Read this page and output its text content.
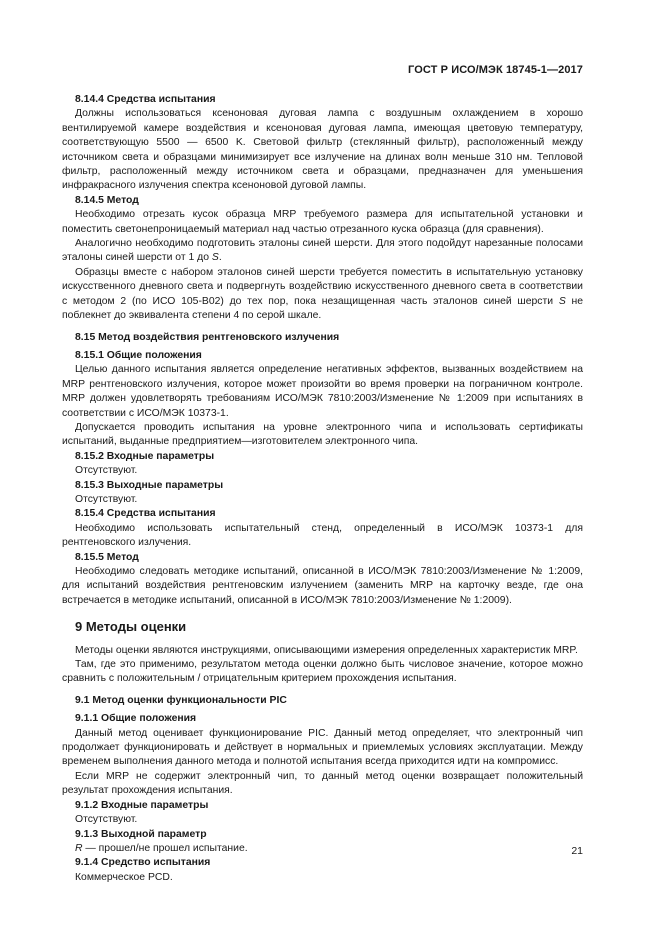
ГОСТ Р ИСО/МЭК 18745-1—2017
8.14.4 Средства испытания

Должны использоваться ксеноновая дуговая лампа с воздушным охлаждением в хорошо вентилируемой камере воздействия и ксеноновая дуговая лампа, имеющая цветовую температуру, соответствующую 5500 — 6500 K. Световой фильтр (стеклянный фильтр), расположенный между источником света и образцами минимизирует все излучение на длинах волн меньше 310 нм. Тепловой фильтр, расположенный между источником света и образцами, предназначен для уменьшения инфракрасного излучения спектра ксеноновой дуговой лампы.

8.14.5 Метод

Необходимо отрезать кусок образца MRP требуемого размера для испытательной установки и поместить светонепроницаемый материал над частью отрезанного куска образца (для сравнения).

Аналогично необходимо подготовить эталоны синей шерсти. Для этого подойдут нарезанные полосами эталоны синей шерсти от 1 до S.

Образцы вместе с набором эталонов синей шерсти требуется поместить в испытательную установку искусственного дневного света и подвергнуть воздействию искусственного дневного света в соответствии с методом 2 (по ИСО 105-В02) до тех пор, пока незащищенная часть эталонов синей шерсти S не поблекнет до эквивалента степени 4 по серой шкале.

8.15 Метод воздействия рентгеновского излучения
8.15.1 Общие положения

Целью данного испытания является определение негативных эффектов, вызванных воздействием на MRP рентгеновского излучения, которое может произойти во время проверки на пограничном контроле. MRP должен удовлетворять требованиям ИСО/МЭК 7810:2003/Изменение № 1:2009 при испытаниях в соответствии с ИСО/МЭК 10373-1.

Допускается проводить испытания на уровне электронного чипа и использовать сертификаты испытаний, выданные предприятием—изготовителем электронного чипа.

8.15.2 Входные параметры

Отсутствуют.

8.15.3 Выходные параметры

Отсутствуют.

8.15.4 Средства испытания

Необходимо использовать испытательный стенд, определенный в ИСО/МЭК 10373-1 для рентгеновского излучения.

8.15.5 Метод

Необходимо следовать методике испытаний, описанной в ИСО/МЭК 7810:2003/Изменение № 1:2009, для испытаний воздействия рентгеновским излучением (заменить MRP на карточку везде, где она встречается в методике испытаний, описанной в ИСО/МЭК 7810:2003/Изменение № 1:2009).

9 Методы оценки

Методы оценки являются инструкциями, описывающими измерения определенных характеристик MRP.

Там, где это применимо, результатом метода оценки должно быть числовое значение, которое можно сравнить с положительным / отрицательным критерием прохождения испытания.

9.1 Метод оценки функциональности PIC
9.1.1 Общие положения

Данный метод оценивает функционирование PIC. Данный метод определяет, что электронный чип продолжает функционировать и действует в нормальных и приемлемых условиях эксплуатации. Между временем выполнения данного метода и полнотой испытания всегда приходится идти на компромисс.

Если MRP не содержит электронный чип, то данный метод оценки возвращает положительный результат прохождения испытания.

9.1.2 Входные параметры

Отсутствуют.

9.1.3 Выходной параметр

R — прошел/не прошел испытание.

9.1.4 Средство испытания

Коммерческое PCD.

21
